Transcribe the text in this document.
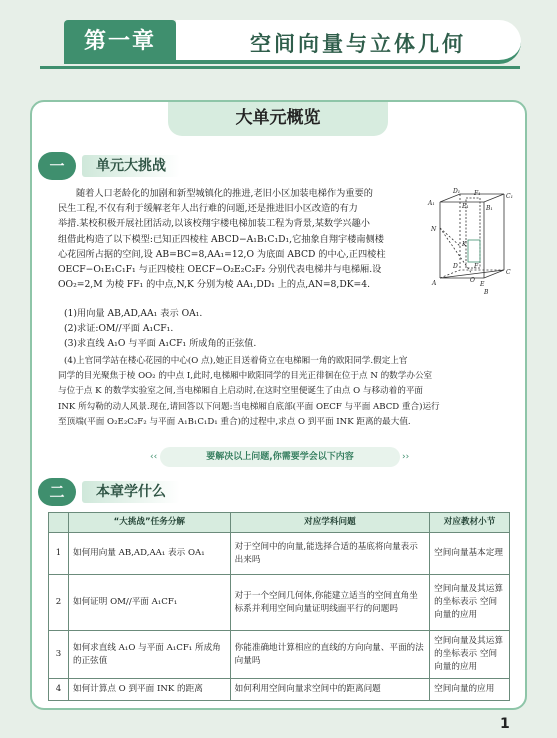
第一章	空间向量与立体几何
大单元概览
一	单元大挑战
随着人口老龄化的加剧和新型城镇化的推进,老旧小区加装电梯作为重要的
民生工程,不仅有利于缓解老年人出行难的问题,还是推进旧小区改造的有力
举措.某校积极开展社团活动,以该校翔宇楼电梯加装工程为背景,某数学兴趣小
组借此构造了以下模型:已知正四棱柱 ABCD−A₁B₁C₁D₁,它抽象自翔宇楼南侧楼
心花园所占据的空间,设 AB=BC=8,AA₁=12,O 为底面 ABCD 的中心,正四棱柱
OECF−O₁E₁C₁F₁ 与正四棱柱 OECF−O₂E₂C₂F₂ 分别代表电梯井与电梯厢.设
OO₂=2,M 为棱 FF₁ 的中点,N,K 分别为棱 AA₁,DD₁ 上的点,AN=8,DK=4.
(1)用向量 AB,AD,AA₁ 表示 OA₁.
(2)求证:OM//平面 A₁CF₁.
(3)求直线 A₁O 与平面 A₁CF₁ 所成角的正弦值.
(4)上官同学站在楼心花园的中心(O 点),她正目送着倚立在电梯厢一角的欧阳同学.假定上官
同学的目光聚焦于棱 OO₂ 的中点 I,此时,电梯厢中欧阳同学的目光正徘徊在位于点 N 的数学办公室
与位于点 K 的数学实验室之间,当电梯厢自上启动时,在这时空里便诞生了由点 O 与移动着的平面
INK 所勾勒的动人风景.现在,请回答以下问题:当电梯厢自底部(平面 OECF 与平面 ABCD 重合)运行
至顶端(平面 O₂E₂C₂F₂ 与平面 A₁B₁C₁D₁ 重合)的过程中,求点 O 到平面 INK 距离的最大值.
D₁ F₁	C₁
A₁	E₁	B₁
N
K
D	F
C
A	O
E
B
‹‹	要解决以上问题,你需要学会以下内容	››
二	本章学什么
	“大挑战”任务分解	对应学科问题	对应教材小节
1	如何用向量 AB,AD,AA₁ 表示 OA₁	对于空间中的向量,能选择合适的基底将向量表示出来吗	空间向量基本定理
2	如何证明 OM//平面 A₁CF₁	对于一个空间几何体,你能建立适当的空间直角坐标系并利用空间向量证明线面平行的问题吗	空间向量及其运算的坐标表示 空间向量的应用
3	如何求直线 A₁O 与平面 A₁CF₁ 所成角的正弦值	你能准确地计算相应的直线的方向向量、平面的法向量吗	空间向量及其运算的坐标表示 空间向量的应用
4	如何计算点 O 到平面 INK 的距离	如何利用空间向量求空间中的距离问题	空间向量的应用
1
